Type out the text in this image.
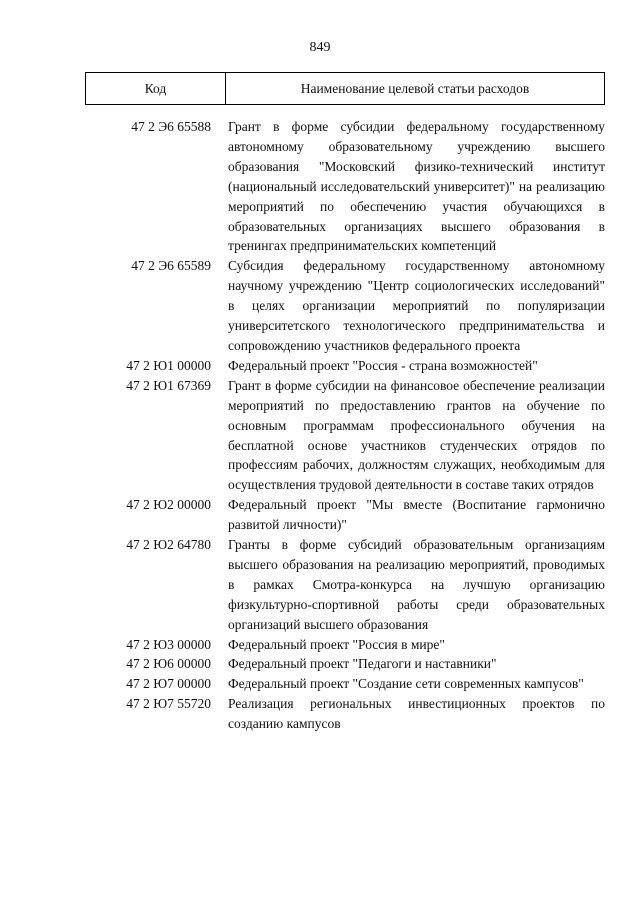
849
Код	Наименование целевой статьи расходов
47 2 Э6 65588	Грант в форме субсидии федеральному государственному автономному образовательному учреждению высшего образования "Московский физико-технический институт (национальный исследовательский университет)" на реализацию мероприятий по обеспечению участия обучающихся в образовательных организациях высшего образования в тренингах предпринимательских компетенций
47 2 Э6 65589	Субсидия федеральному государственному автономному научному учреждению "Центр социологических исследований" в целях организации мероприятий по популяризации университетского технологического предпринимательства и сопровождению участников федерального проекта
47 2 Ю1 00000	Федеральный проект "Россия - страна возможностей"
47 2 Ю1 67369	Грант в форме субсидии на финансовое обеспечение реализации мероприятий по предоставлению грантов на обучение по основным программам профессионального обучения на бесплатной основе участников студенческих отрядов по профессиям рабочих, должностям служащих, необходимым для осуществления трудовой деятельности в составе таких отрядов
47 2 Ю2 00000	Федеральный проект "Мы вместе (Воспитание гармонично развитой личности)"
47 2 Ю2 64780	Гранты в форме субсидий образовательным организациям высшего образования на реализацию мероприятий, проводимых в рамках Смотра-конкурса на лучшую организацию физкультурно-спортивной работы среди образовательных организаций высшего образования
47 2 Ю3 00000	Федеральный проект "Россия в мире"
47 2 Ю6 00000	Федеральный проект "Педагоги и наставники"
47 2 Ю7 00000	Федеральный проект "Создание сети современных кампусов"
47 2 Ю7 55720	Реализация региональных инвестиционных проектов по созданию кампусов
